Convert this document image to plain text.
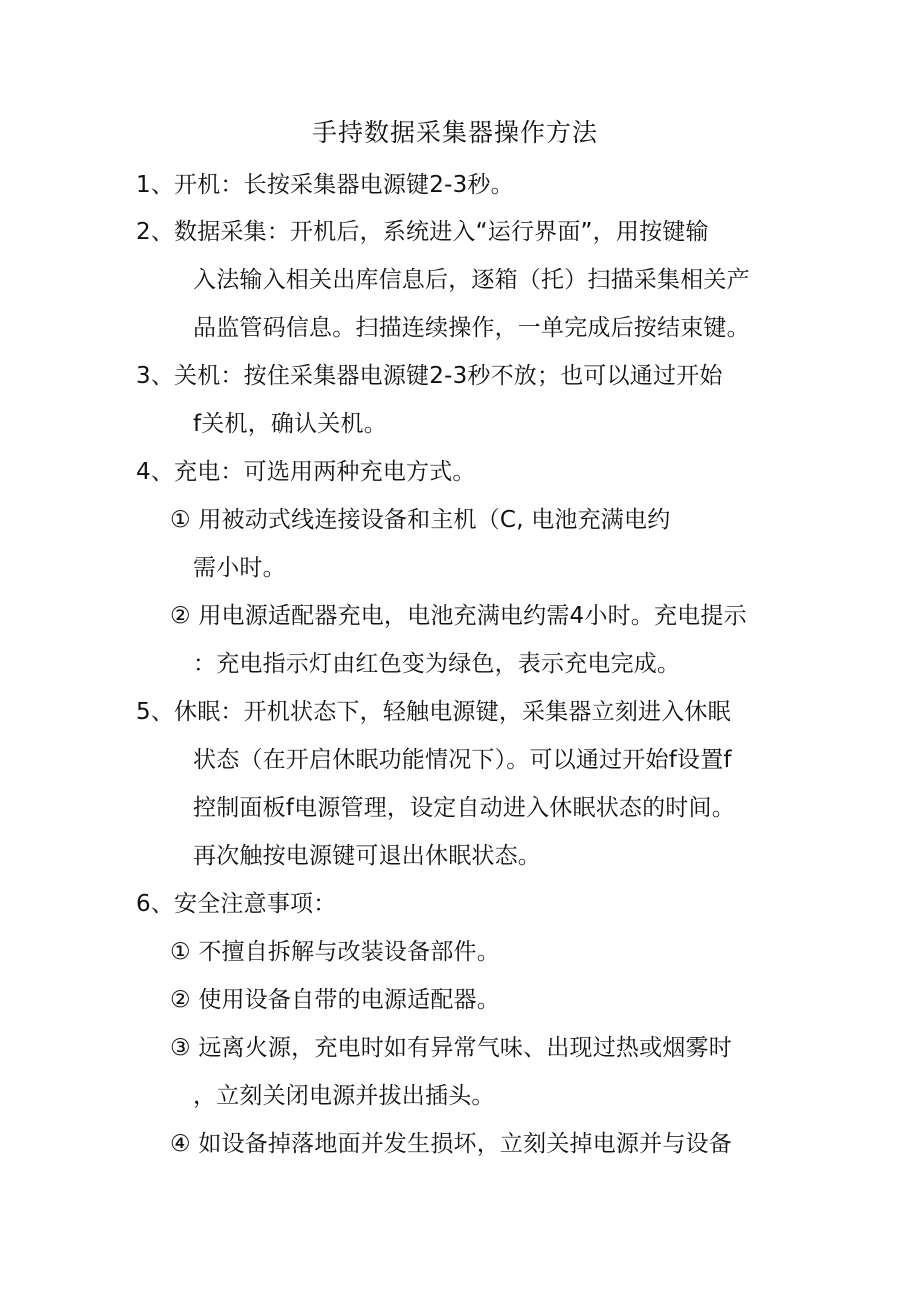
手持数据采集器操作方法
1、开机：长按采集器电源键2-3秒。
2、数据采集：开机后，系统进入“运行界面”，用按键输
入法输入相关出库信息后，逐箱（托）扫描采集相关产
品监管码信息。扫描连续操作，一单完成后按结束键。
3、关机：按住采集器电源键2-3秒不放；也可以通过开始
f关机，确认关机。
4、充电：可选用两种充电方式。
① 用被动式线连接设备和主机（C, 电池充满电约
需小时。
② 用电源适配器充电，电池充满电约需4小时。充电提示
：充电指示灯由红色变为绿色，表示充电完成。
5、休眠：开机状态下，轻触电源键，采集器立刻进入休眠
状态（在开启休眠功能情况下）。可以通过开始f设置f
控制面板f电源管理，设定自动进入休眠状态的时间。
再次触按电源键可退出休眠状态。
6、安全注意事项：
① 不擅自拆解与改装设备部件。
② 使用设备自带的电源适配器。
③ 远离火源，充电时如有异常气味、出现过热或烟雾时
，立刻关闭电源并拔出插头。
④ 如设备掉落地面并发生损坏，立刻关掉电源并与设备
